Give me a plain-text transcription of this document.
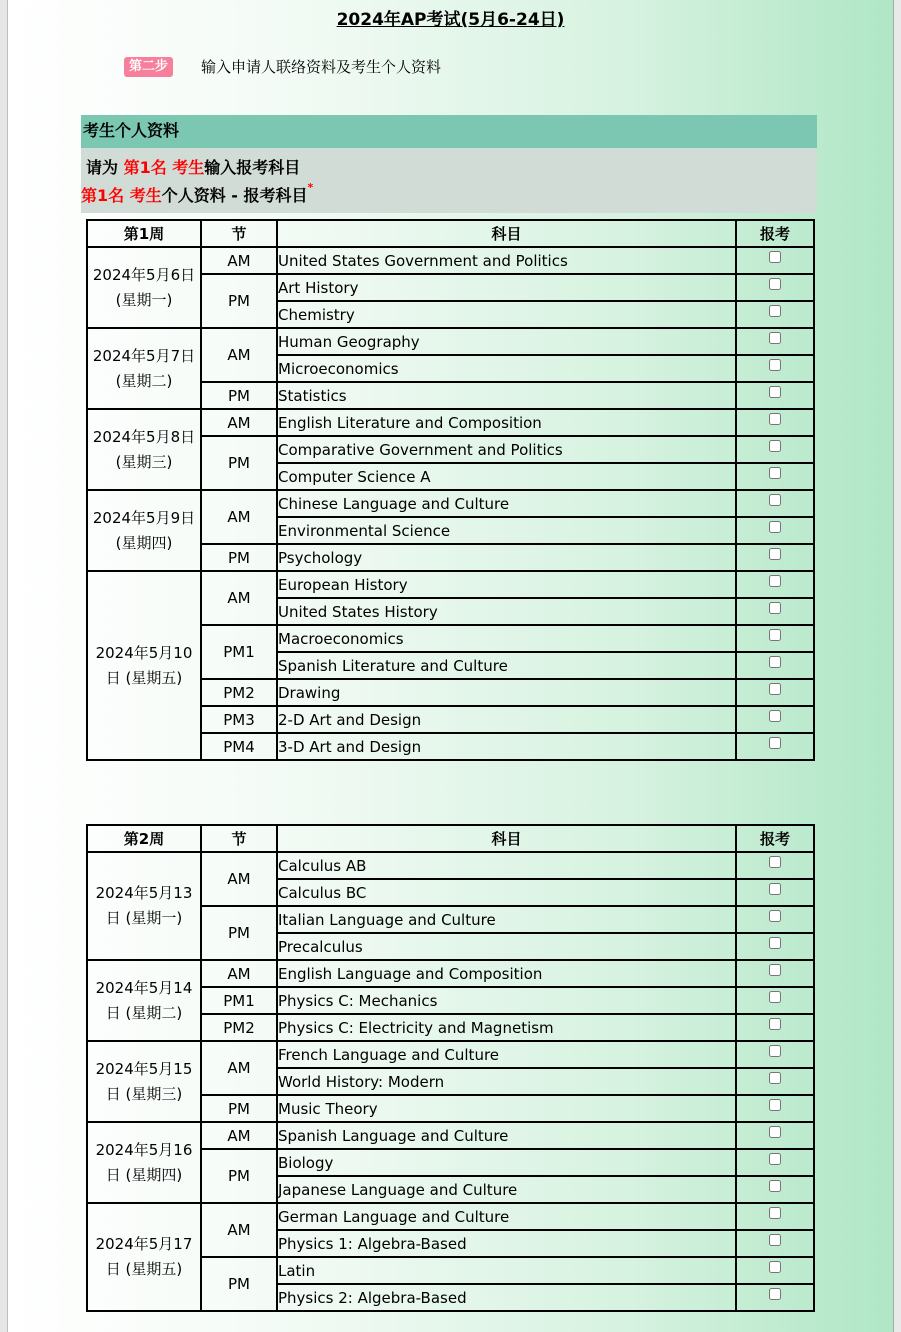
2024年AP考试(5月6-24日)
第二步	输入申请人联络资料及考生个人资料
考生个人资料
请为 第1名 考生输入报考科目
第1名 考生个人资料 - 报考科目*
第1周	节	科目	报考
2024年5月6日
(星期一)	AM	United States Government and Politics	
	PM	Art History	
		Chemistry	
2024年5月7日
(星期二)	AM	Human Geography	
		Microeconomics	
	PM	Statistics	
2024年5月8日
(星期三)	AM	English Literature and Composition	
	PM	Comparative Government and Politics	
		Computer Science A	
2024年5月9日
(星期四)	AM	Chinese Language and Culture	
		Environmental Science	
	PM	Psychology	
2024年5月10
日 (星期五)	AM	European History	
		United States History	
	PM1	Macroeconomics	
		Spanish Literature and Culture	
	PM2	Drawing	
	PM3	2-D Art and Design	
	PM4	3-D Art and Design	
第2周	节	科目	报考
2024年5月13
日 (星期一)	AM	Calculus AB	
		Calculus BC	
	PM	Italian Language and Culture	
		Precalculus	
2024年5月14
日 (星期二)	AM	English Language and Composition	
	PM1	Physics C: Mechanics	
	PM2	Physics C: Electricity and Magnetism	
2024年5月15
日 (星期三)	AM	French Language and Culture	
		World History: Modern	
	PM	Music Theory	
2024年5月16
日 (星期四)	AM	Spanish Language and Culture	
	PM	Biology	
		Japanese Language and Culture	
2024年5月17
日 (星期五)	AM	German Language and Culture	
		Physics 1: Algebra-Based	
	PM	Latin	
		Physics 2: Algebra-Based	
